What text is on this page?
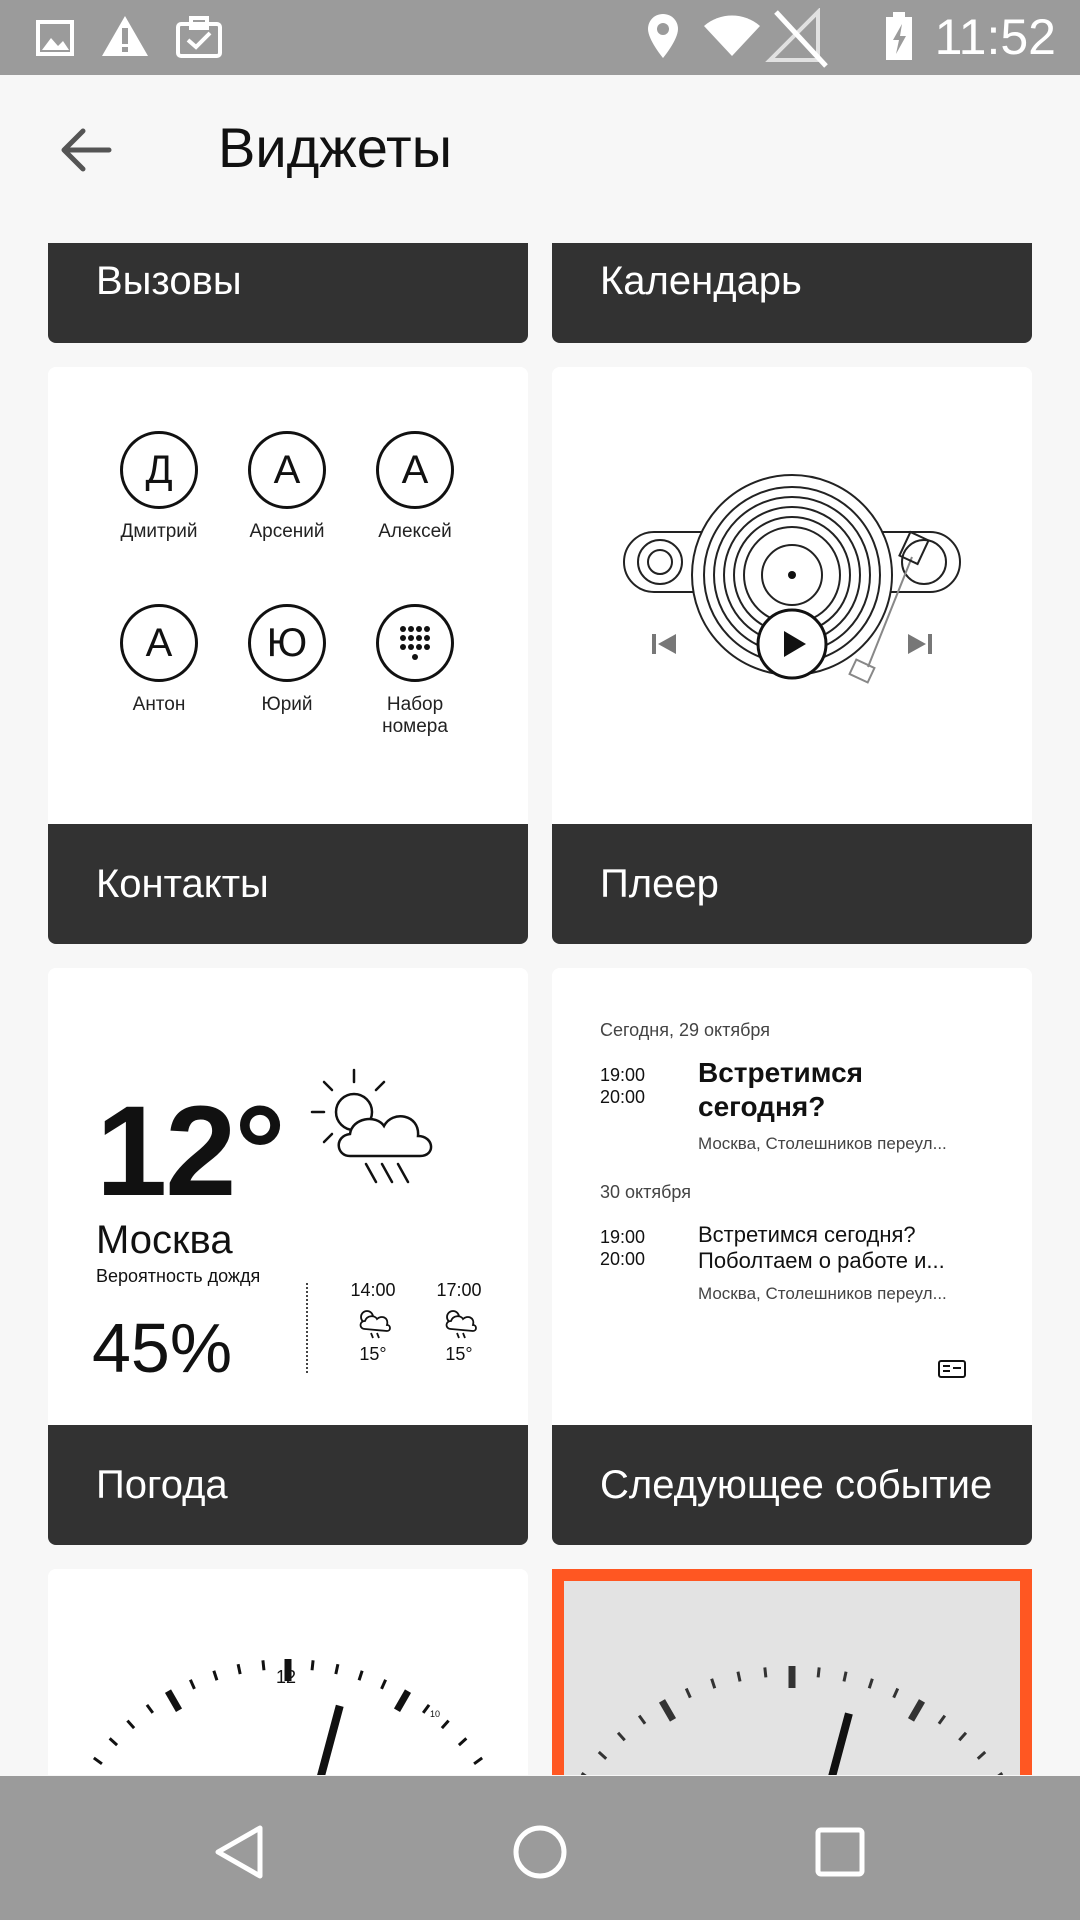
11:52
Виджеты
Вызовы	Календарь
Д
Дмитрий
А
Арсений
А
Алексей
А
Антон
Ю
Юрий	Набор номера
Контакты	Плеер
12°
Москва
Вероятность дождя
45%
14:00
15°
17:00
15°
Погода
Сегодня, 29 октября
19:00
20:00
Встретимся сегодня?
Москва, Столешников переул...
30 октября
19:00
20:00
Встретимся сегодня? Поболтаем о работе и...
Москва, Столешников переул...
Следующее событие
12
10
